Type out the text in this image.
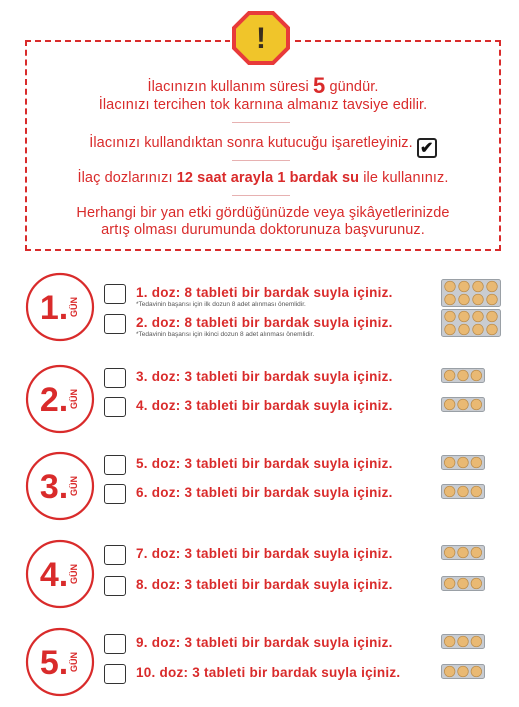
!
İlacınızın kullanım süresi 5 gündür.
İlacınızı tercihen tok karnına almanız tavsiye edilir.
İlacınızı kullandıktan sonra kutucuğu işaretleyiniz. ✔
İlaç dozlarınızı 12 saat arayla 1 bardak su ile kullanınız.
Herhangi bir yan etki gördüğünüzde veya şikâyetlerinizde
artış olması durumunda doktorunuza başvurunuz.
1. GÜN
1. doz: 8 tableti bir bardak suyla içiniz.
*Tedavinin başarısı için ilk dozun 8 adet alınması önemlidir.
2. doz: 8 tableti bir bardak suyla içiniz.
*Tedavinin başarısı için ikinci dozun 8 adet alınması önemlidir.
2. GÜN
3. doz: 3 tableti bir bardak suyla içiniz.
4. doz: 3 tableti bir bardak suyla içiniz.
3. GÜN
5. doz: 3 tableti bir bardak suyla içiniz.
6. doz: 3 tableti bir bardak suyla içiniz.
4. GÜN
7. doz: 3 tableti bir bardak suyla içiniz.
8. doz: 3 tableti bir bardak suyla içiniz.
5. GÜN
9. doz: 3 tableti bir bardak suyla içiniz.
10. doz: 3 tableti bir bardak suyla içiniz.
